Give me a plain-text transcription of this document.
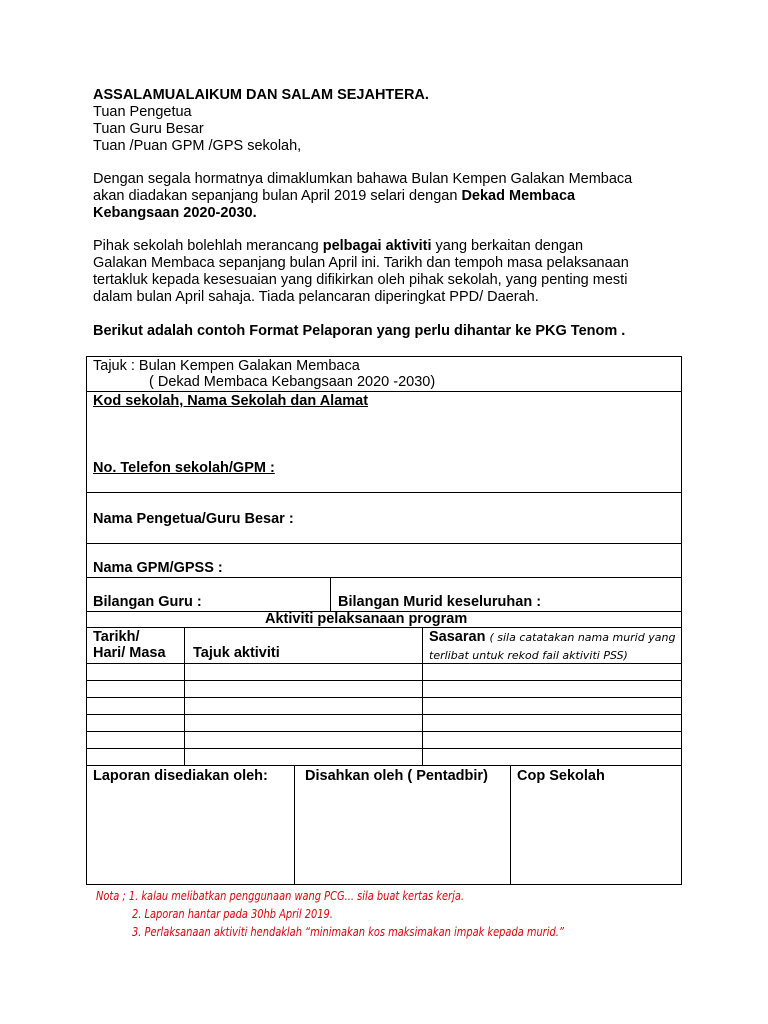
ASSALAMUALAIKUM DAN SALAM SEJAHTERA.

Tuan Pengetua

Tuan Guru Besar

Tuan /Puan GPM /GPS sekolah,

Dengan segala hormatnya dimaklumkan bahawa Bulan Kempen Galakan Membaca

akan diadakan sepanjang bulan April 2019 selari dengan Dekad Membaca

Kebangsaan 2020-2030.

Pihak sekolah bolehlah merancang pelbagai aktiviti yang berkaitan dengan

Galakan Membaca sepanjang bulan April ini. Tarikh dan tempoh masa pelaksanaan

tertakluk kepada kesesuaian yang difikirkan oleh pihak sekolah, yang penting mesti

dalam bulan April sahaja. Tiada pelancaran diperingkat PPD/ Daerah.

Berikut adalah contoh Format Pelaporan yang perlu dihantar ke PKG Tenom .
Tajuk : Bulan Kempen Galakan Membaca
( Dekad Membaca Kebangsaan 2020 -2030)
Kod sekolah, Nama Sekolah dan Alamat
No. Telefon sekolah/GPM :
Nama Pengetua/Guru Besar :
Nama GPM/GPSS :
Bilangan Guru :	Bilangan Murid keseluruhan :
Aktiviti pelaksanaan program
Tarikh/
Hari/ Masa Tajuk aktiviti
Sasaran ( sila catatakan nama murid yang
terlibat untuk rekod fail aktiviti PSS)
Laporan disediakan oleh:	Disahkan oleh ( Pentadbir) Cop Sekolah
Nota ; 1. kalau melibatkan penggunaan wang PCG... sila buat kertas kerja.
2. Laporan hantar pada 30hb April 2019.
3. Perlaksanaan aktiviti hendaklah “minimakan kos maksimakan impak kepada murid.”
